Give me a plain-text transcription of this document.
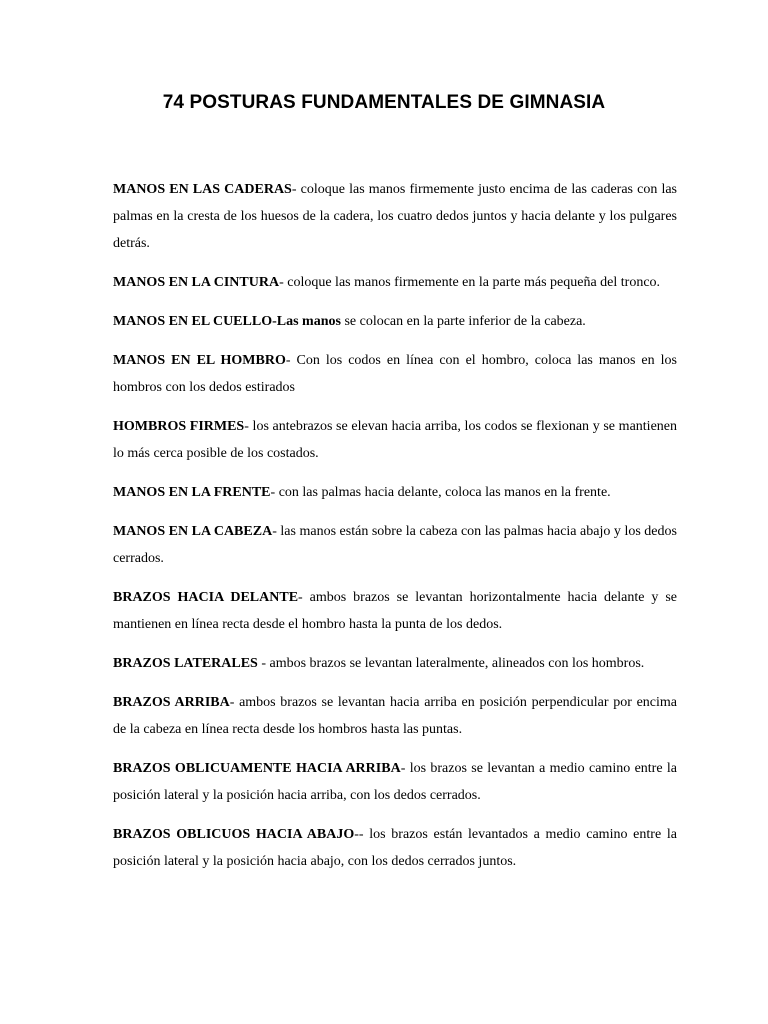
74 POSTURAS FUNDAMENTALES DE GIMNASIA

MANOS EN LAS CADERAS- coloque las manos firmemente justo encima de las caderas con las palmas en la cresta de los huesos de la cadera, los cuatro dedos juntos y hacia delante y los pulgares detrás.

MANOS EN LA CINTURA- coloque las manos firmemente en la parte más pequeña del tronco.

MANOS EN EL CUELLO-Las manos se colocan en la parte inferior de la cabeza.

MANOS EN EL HOMBRO- Con los codos en línea con el hombro, coloca las manos en los hombros con los dedos estirados

HOMBROS FIRMES- los antebrazos se elevan hacia arriba, los codos se flexionan y se mantienen lo más cerca posible de los costados.

MANOS EN LA FRENTE- con las palmas hacia delante, coloca las manos en la frente.

MANOS EN LA CABEZA- las manos están sobre la cabeza con las palmas hacia abajo y los dedos cerrados.

BRAZOS HACIA DELANTE- ambos brazos se levantan horizontalmente hacia delante y se mantienen en línea recta desde el hombro hasta la punta de los dedos.

BRAZOS LATERALES - ambos brazos se levantan lateralmente, alineados con los hombros.

BRAZOS ARRIBA- ambos brazos se levantan hacia arriba en posición perpendicular por encima de la cabeza en línea recta desde los hombros hasta las puntas.

BRAZOS OBLICUAMENTE HACIA ARRIBA- los brazos se levantan a medio camino entre la posición lateral y la posición hacia arriba, con los dedos cerrados.

BRAZOS OBLICUOS HACIA ABAJO-- los brazos están levantados a medio camino entre la posición lateral y la posición hacia abajo, con los dedos cerrados juntos.
